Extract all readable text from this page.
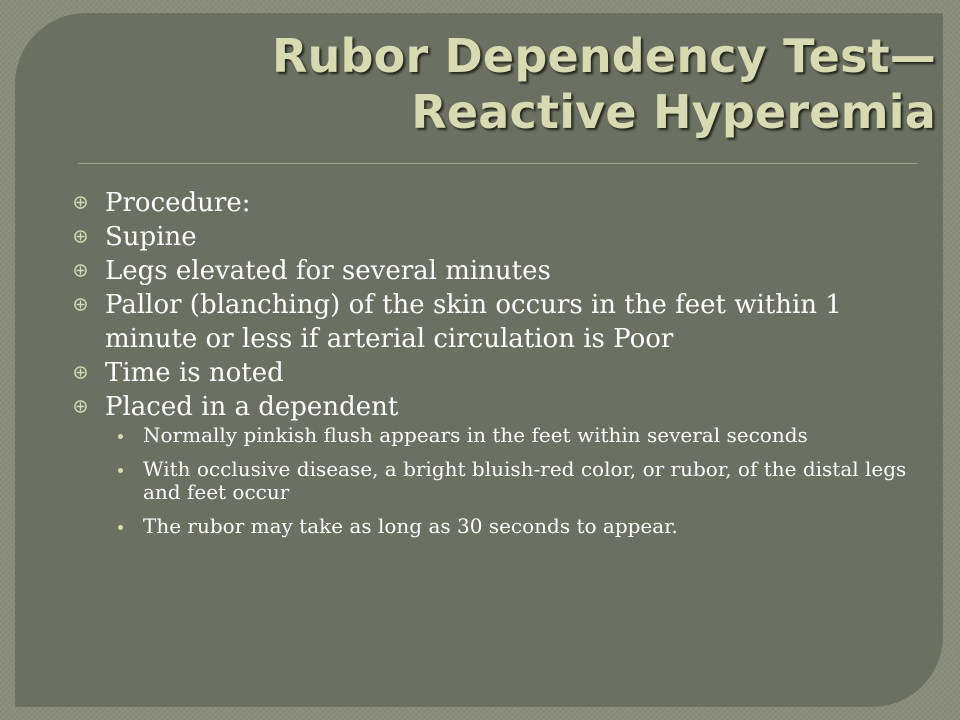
Rubor Dependency Test—
Reactive Hyperemia
Procedure:
Supine
Legs elevated for several minutes
Pallor (blanching) of the skin occurs in the feet within 1 minute or less if arterial circulation is Poor
Time is noted
Placed in a dependent
Normally pinkish flush appears in the feet within several seconds
With occlusive disease, a bright bluish-red color, or rubor, of the distal legs and feet occur
The rubor may take as long as 30 seconds to appear.
